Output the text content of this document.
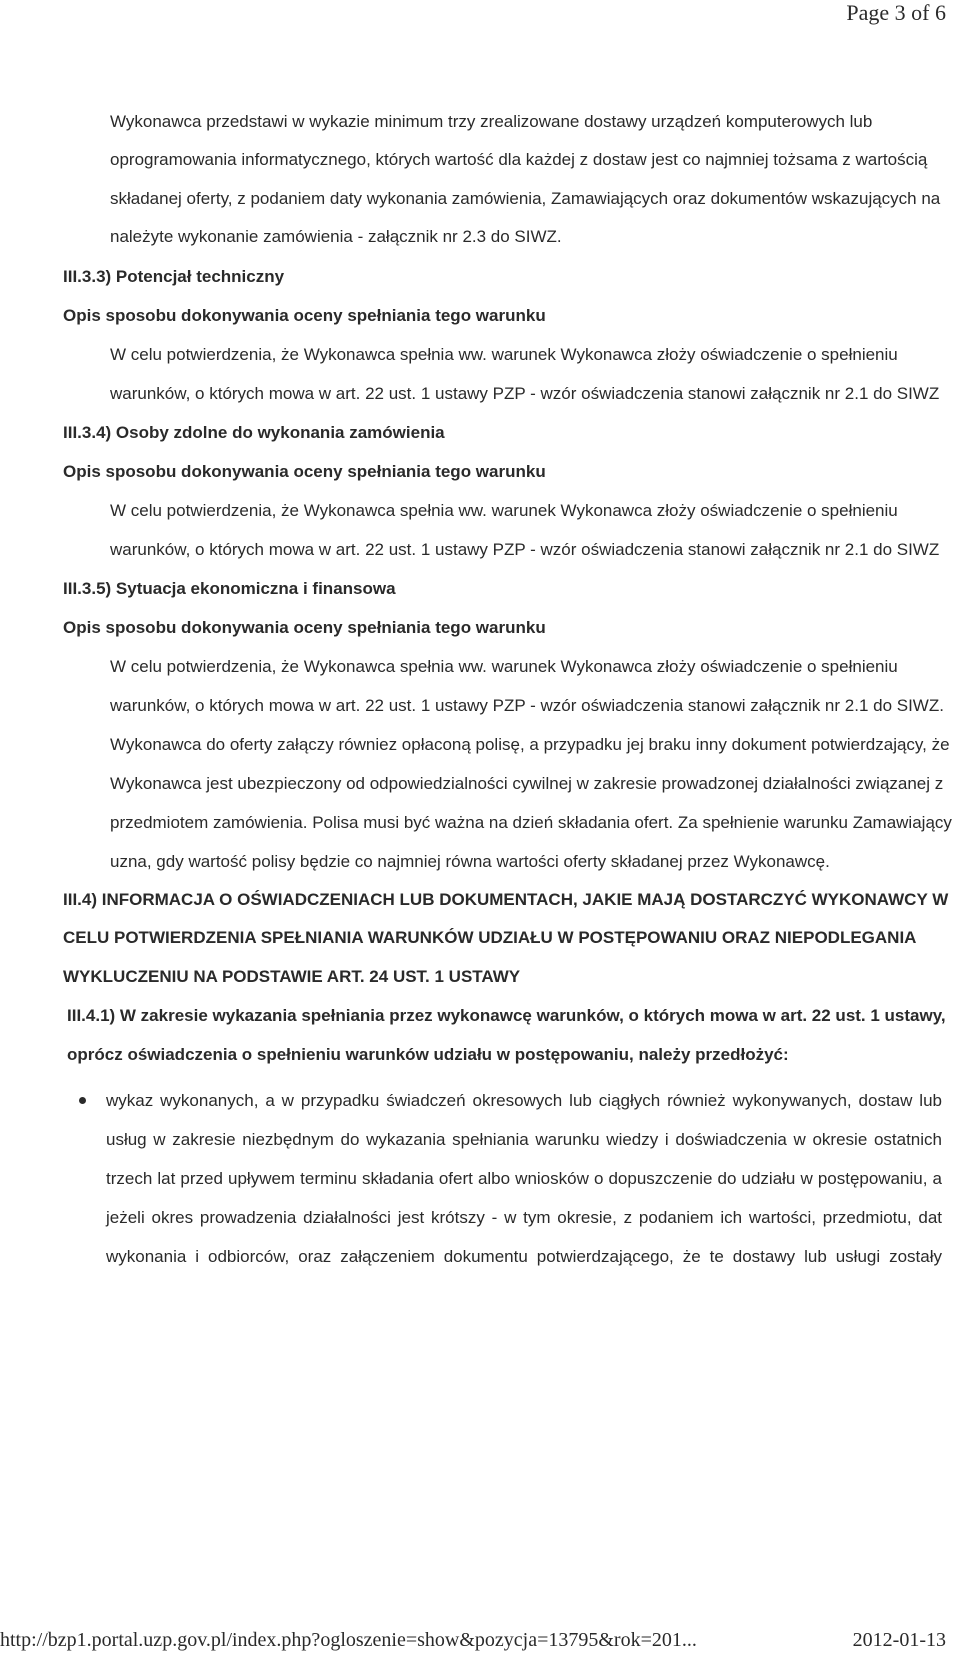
Page 3 of 6

Wykonawca przedstawi w wykazie minimum trzy zrealizowane dostawy urządzeń komputerowych lub oprogramowania informatycznego, których wartość dla każdej z dostaw jest co najmniej tożsama z wartością składanej oferty, z podaniem daty wykonania zamówienia, Zamawiających oraz dokumentów wskazujących na należyte wykonanie zamówienia - załącznik nr 2.3 do SIWZ.

III.3.3) Potencjał techniczny

Opis sposobu dokonywania oceny spełniania tego warunku

W celu potwierdzenia, że Wykonawca spełnia ww. warunek Wykonawca złoży oświadczenie o spełnieniu warunków, o których mowa w art. 22 ust. 1 ustawy PZP - wzór oświadczenia stanowi załącznik nr 2.1 do SIWZ

III.3.4) Osoby zdolne do wykonania zamówienia

Opis sposobu dokonywania oceny spełniania tego warunku

W celu potwierdzenia, że Wykonawca spełnia ww. warunek Wykonawca złoży oświadczenie o spełnieniu warunków, o których mowa w art. 22 ust. 1 ustawy PZP - wzór oświadczenia stanowi załącznik nr 2.1 do SIWZ

III.3.5) Sytuacja ekonomiczna i finansowa

Opis sposobu dokonywania oceny spełniania tego warunku

W celu potwierdzenia, że Wykonawca spełnia ww. warunek Wykonawca złoży oświadczenie o spełnieniu warunków, o których mowa w art. 22 ust. 1 ustawy PZP - wzór oświadczenia stanowi załącznik nr 2.1 do SIWZ. Wykonawca do oferty załączy równiez opłaconą polisę, a przypadku jej braku inny dokument potwierdzający, że Wykonawca jest ubezpieczony od odpowiedzialności cywilnej w zakresie prowadzonej działalności związanej z przedmiotem zamówienia. Polisa musi być ważna na dzień składania ofert. Za spełnienie warunku Zamawiający uzna, gdy wartość polisy będzie co najmniej równa wartości oferty składanej przez Wykonawcę.

III.4) INFORMACJA O OŚWIADCZENIACH LUB DOKUMENTACH, JAKIE MAJĄ DOSTARCZYĆ WYKONAWCY W CELU POTWIERDZENIA SPEŁNIANIA WARUNKÓW UDZIAŁU W POSTĘPOWANIU ORAZ NIEPODLEGANIA WYKLUCZENIU NA PODSTAWIE ART. 24 UST. 1 USTAWY

III.4.1) W zakresie wykazania spełniania przez wykonawcę warunków, o których mowa w art. 22 ust. 1 ustawy, oprócz oświadczenia o spełnieniu warunków udziału w postępowaniu, należy przedłożyć:

wykaz wykonanych, a w przypadku świadczeń okresowych lub ciągłych również wykonywanych, dostaw lub usług w zakresie niezbędnym do wykazania spełniania warunku wiedzy i doświadczenia w okresie ostatnich trzech lat przed upływem terminu składania ofert albo wniosków o dopuszczenie do udziału w postępowaniu, a jeżeli okres prowadzenia działalności jest krótszy - w tym okresie, z podaniem ich wartości, przedmiotu, dat wykonania i odbiorców, oraz załączeniem dokumentu potwierdzającego, że te dostawy lub usługi zostały

http://bzp1.portal.uzp.gov.pl/index.php?ogloszenie=show&pozycja=13795&rok=201...	2012-01-13
